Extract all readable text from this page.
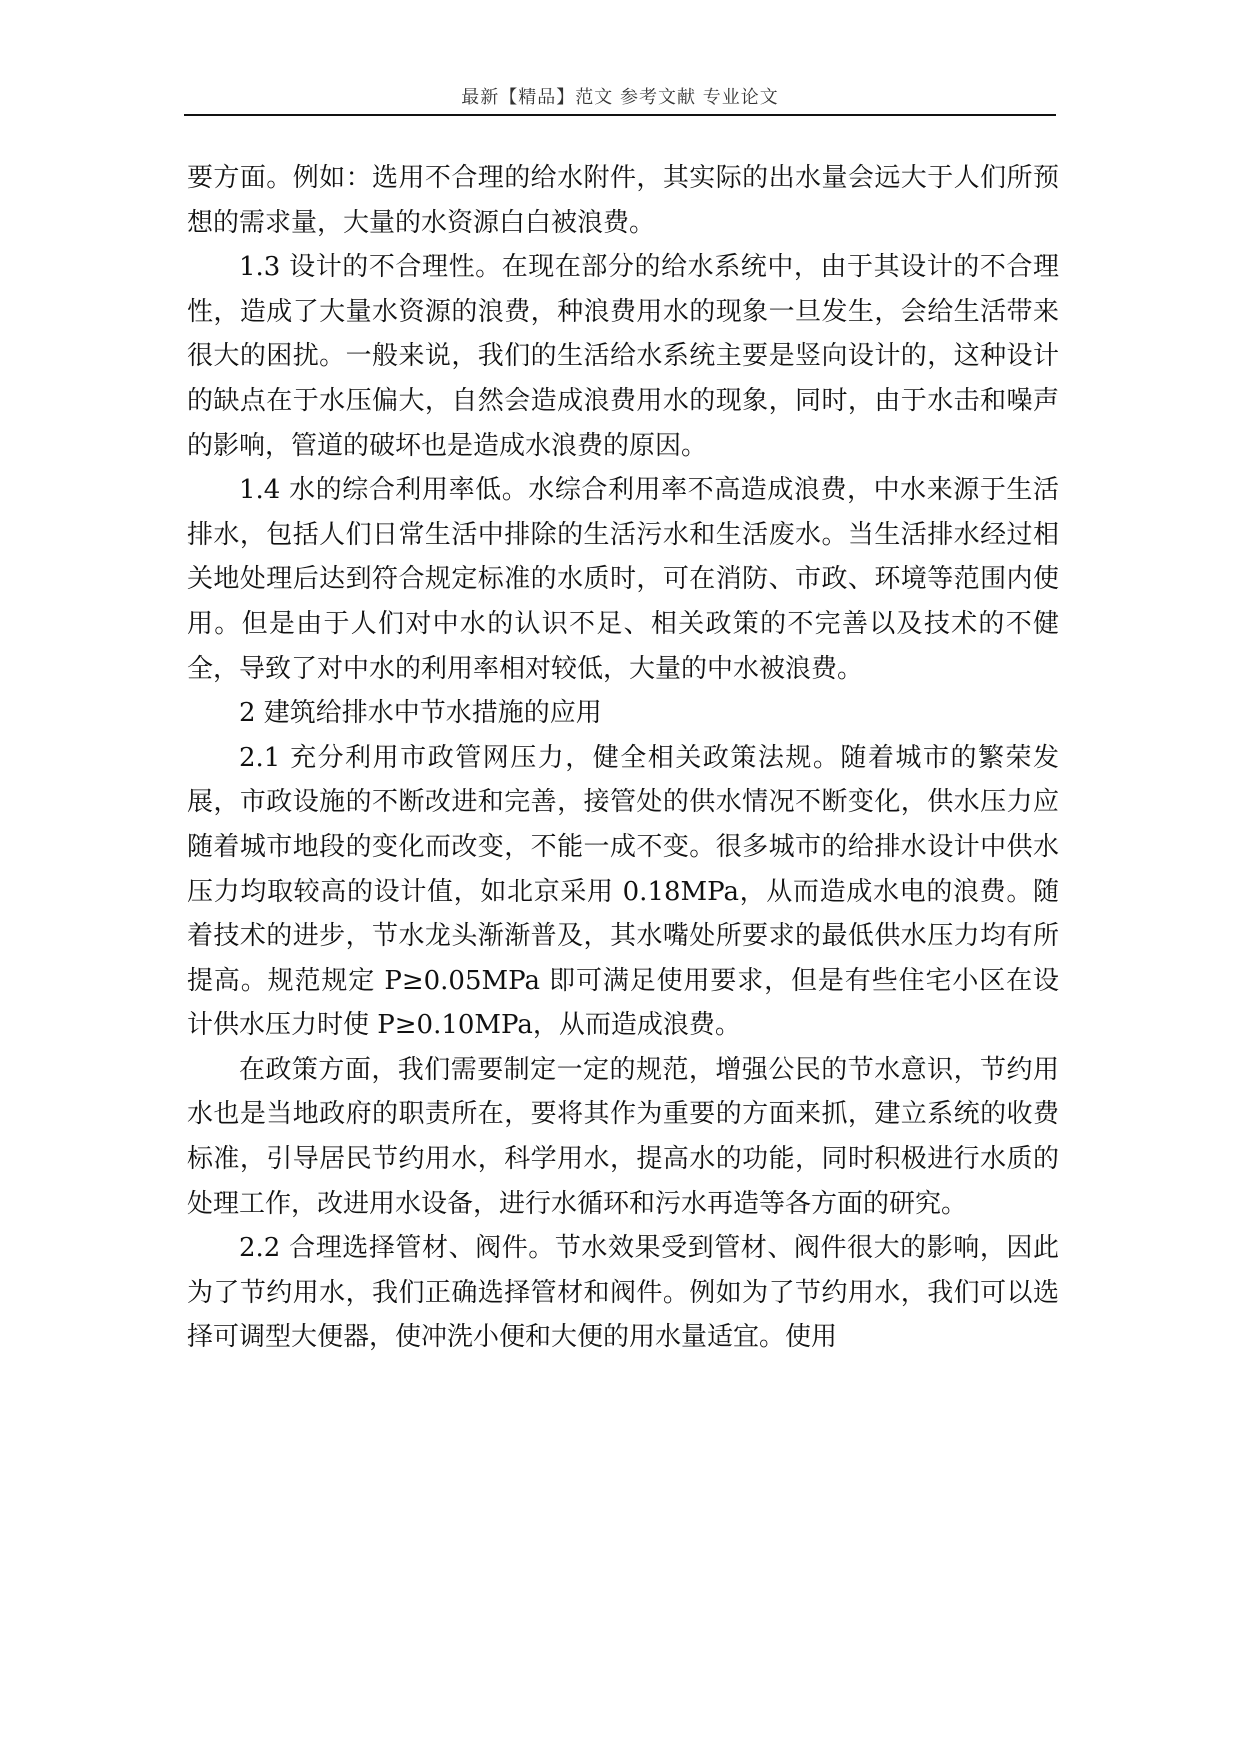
最新【精品】范文 参考文献 专业论文

要方面。例如：选用不合理的给水附件，其实际的出水量会远大于人们所预想的需求量，大量的水资源白白被浪费。

1.3 设计的不合理性。在现在部分的给水系统中，由于其设计的不合理性，造成了大量水资源的浪费，种浪费用水的现象一旦发生，会给生活带来很大的困扰。一般来说，我们的生活给水系统主要是竖向设计的，这种设计的缺点在于水压偏大，自然会造成浪费用水的现象，同时，由于水击和噪声的影响，管道的破坏也是造成水浪费的原因。

1.4 水的综合利用率低。水综合利用率不高造成浪费，中水来源于生活排水，包括人们日常生活中排除的生活污水和生活废水。当生活排水经过相关地处理后达到符合规定标准的水质时，可在消防、市政、环境等范围内使用。但是由于人们对中水的认识不足、相关政策的不完善以及技术的不健全，导致了对中水的利用率相对较低，大量的中水被浪费。

2 建筑给排水中节水措施的应用

2.1 充分利用市政管网压力，健全相关政策法规。随着城市的繁荣发展，市政设施的不断改进和完善，接管处的供水情况不断变化，供水压力应随着城市地段的变化而改变，不能一成不变。很多城市的给排水设计中供水压力均取较高的设计值，如北京采用 0.18MPa，从而造成水电的浪费。随着技术的进步，节水龙头渐渐普及，其水嘴处所要求的最低供水压力均有所提高。规范规定 P≥0.05MPa 即可满足使用要求，但是有些住宅小区在设计供水压力时使 P≥0.10MPa，从而造成浪费。

在政策方面，我们需要制定一定的规范，增强公民的节水意识，节约用水也是当地政府的职责所在，要将其作为重要的方面来抓，建立系统的收费标准，引导居民节约用水，科学用水，提高水的功能，同时积极进行水质的处理工作，改进用水设备，进行水循环和污水再造等各方面的研究。

2.2 合理选择管材、阀件。节水效果受到管材、阀件很大的影响，因此为了节约用水，我们正确选择管材和阀件。例如为了节约用水，我们可以选择可调型大便器，使冲洗小便和大便的用水量适宜。使用
